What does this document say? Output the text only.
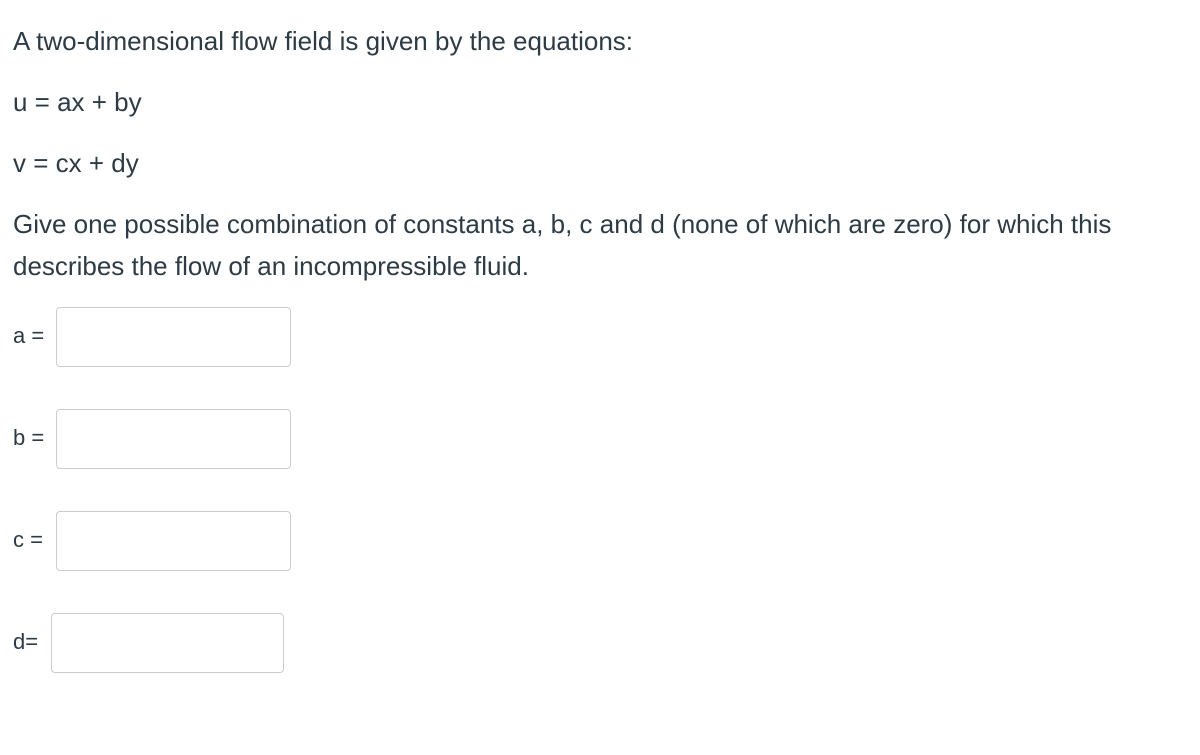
A two-dimensional flow field is given by the equations:

u = ax + by

v = cx + dy

Give one possible combination of constants a, b, c and d (none of which are zero) for which this describes the flow of an incompressible fluid.

a =
b =
c =
d=
